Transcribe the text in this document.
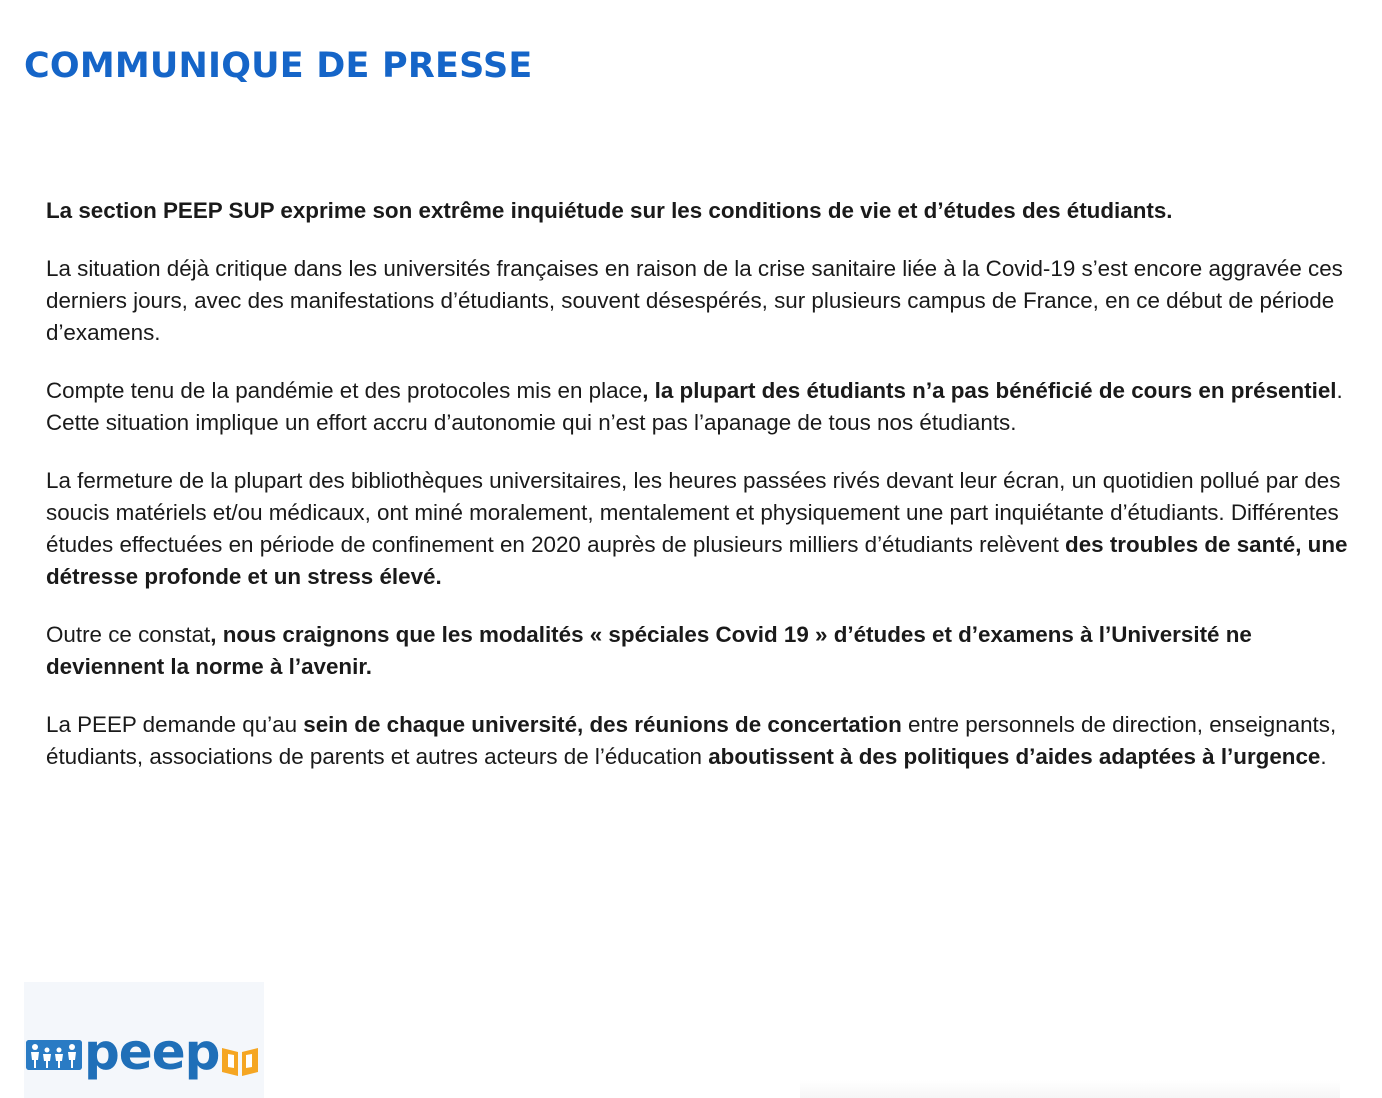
COMMUNIQUE DE PRESSE

La section PEEP SUP exprime son extrême inquiétude sur les conditions de vie et d’études des étudiants.

La situation déjà critique dans les universités françaises en raison de la crise sanitaire liée à la Covid-19 s’est encore aggravée ces derniers jours, avec des manifestations d’étudiants, souvent désespérés, sur plusieurs campus de France, en ce début de période d’examens.

Compte tenu de la pandémie et des protocoles mis en place, la plupart des étudiants n’a pas bénéficié de cours en présentiel. Cette situation implique un effort accru d’autonomie qui n’est pas l’apanage de tous nos étudiants.

La fermeture de la plupart des bibliothèques universitaires, les heures passées rivés devant leur écran, un quotidien pollué par des soucis matériels et/ou médicaux, ont miné moralement, mentalement et physiquement une part inquiétante d’étudiants. Différentes études effectuées en période de confinement en 2020 auprès de plusieurs milliers d’étudiants relèvent des troubles de santé, une détresse profonde et un stress élevé.

Outre ce constat, nous craignons que les modalités « spéciales Covid 19 » d’études et d’examens à l’Université ne deviennent la norme à l’avenir.

La PEEP demande qu’au sein de chaque université, des réunions de concertation entre personnels de direction, enseignants, étudiants, associations de parents et autres acteurs de l’éducation aboutissent à des politiques d’aides adaptées à l’urgence.

peep
